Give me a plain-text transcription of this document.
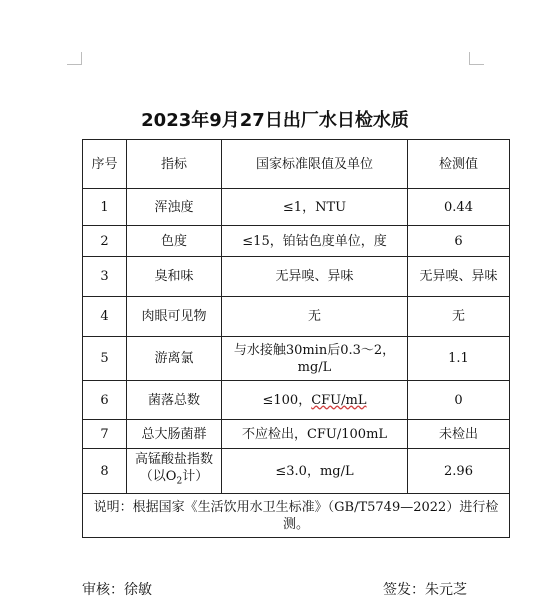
2023年9月27日出厂水日检水质
序号	指标	国家标准限值及单位	检测值
1	浑浊度	≤1，NTU	0.44
2	色度	≤15，铂钴色度单位，度	6
3	臭和味	无异嗅、异味	无异嗅、异味
4	肉眼可见物	无	无
5	游离氯	与水接触30min后0.3～2，
mg/L	1.1
6	菌落总数	≤100，CFU/mL	0
7	总大肠菌群	不应检出，CFU/100mL	未检出
8	高锰酸盐指数
（以$O_2$计）	≤3.0，mg/L	2.96
说明：根据国家《生活饮用水卫生标准》（GB/T5749—2022）进行检测。			
审核：徐敏	签发：朱元芝
